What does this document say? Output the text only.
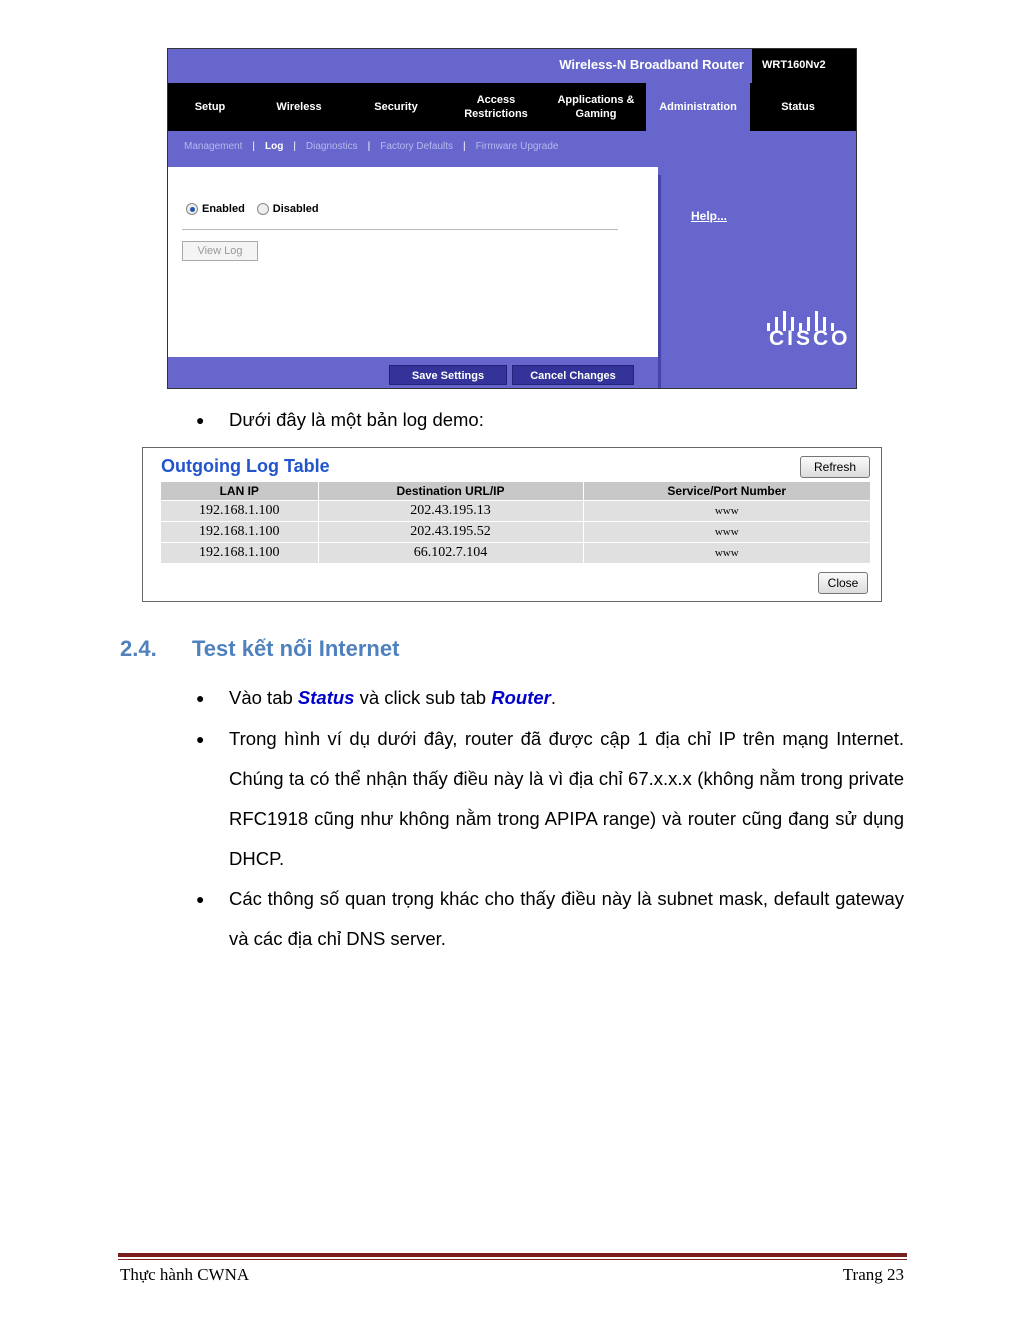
Wireless-N Broadband Router	WRT160Nv2
Setup	Wireless	Security
Access Restrictions
Applications & Gaming
Administration	Status
Management | Log | Diagnostics | Factory Defaults | Firmware Upgrade
Enabled	Disabled
View Log
Help...
CISCO
Save Settings	Cancel Changes
● Dưới đây là một bản log demo:
Outgoing Log Table	Refresh
LAN IP	Destination URL/IP	Service/Port Number
192.168.1.100	202.43.195.13	www
192.168.1.100	202.43.195.52	www
192.168.1.100	66.102.7.104	www
Close
2.4. Test kết nối Internet
● Vào tab Status và click sub tab Router.
● Trong hình ví dụ dưới đây, router đã được cập 1 địa chỉ IP trên mạng Internet. Chúng ta có thể nhận thấy điều này là vì địa chỉ 67.x.x.x (không nằm trong private RFC1918 cũng như không nằm trong APIPA range) và router cũng đang sử dụng DHCP.
● Các thông số quan trọng khác cho thấy điều này là subnet mask, default gateway và các địa chỉ DNS server.
Thực hành CWNA	Trang 23
